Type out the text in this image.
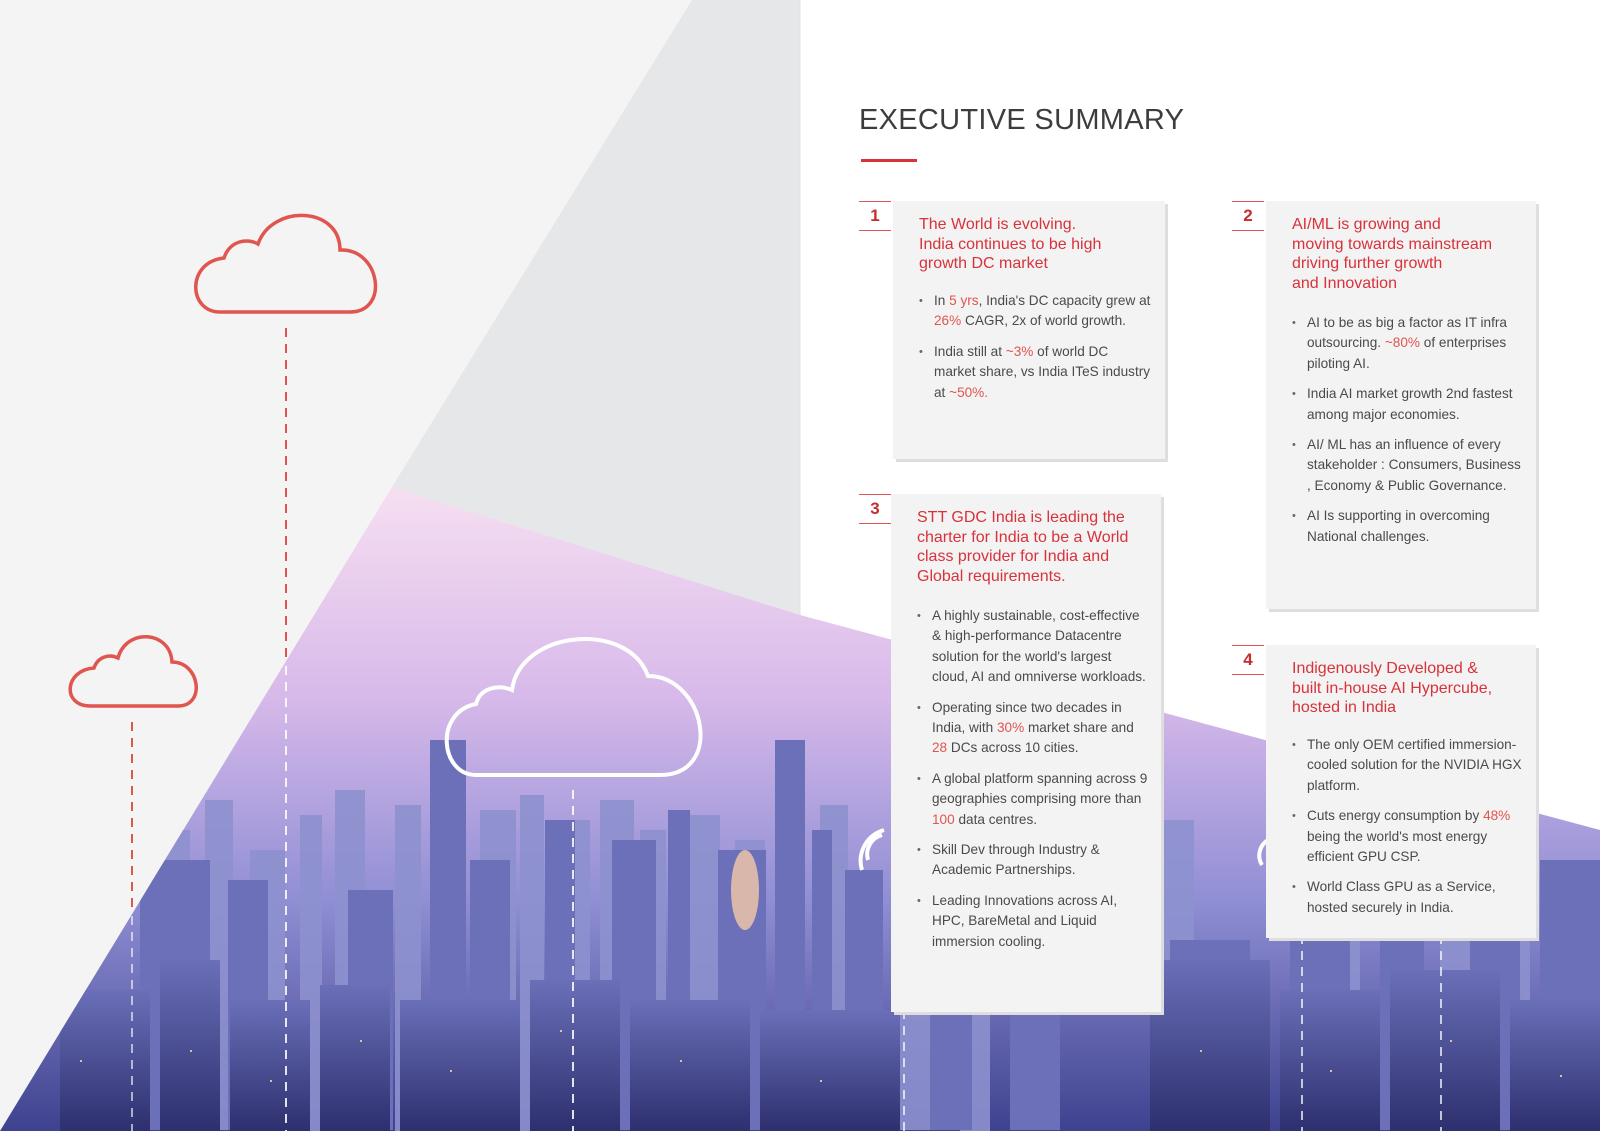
EXECUTIVE SUMMARY
1	The World is evolving.
India continues to be high
growth DC market
• In 5 yrs, India's DC capacity grew at 26% CAGR, 2x of world growth.
• India still at ~3% of world DC market share, vs India ITeS industry at ~50%.
2	AI/ML is growing and
moving towards mainstream
driving further growth
and Innovation
• AI to be as big a factor as IT infra outsourcing. ~80% of enterprises piloting AI.
• India AI market growth 2nd fastest among major economies.
• AI/ ML has an influence of every stakeholder : Consumers, Business , Economy & Public Governance.
• AI Is supporting in overcoming National challenges.
3	STT GDC India is leading the
charter for India to be a World
class provider for India and
Global requirements.
• A highly sustainable, cost-effective & high-performance Datacentre solution for the world's largest cloud, AI and omniverse workloads.
• Operating since two decades in India, with 30% market share and 28 DCs across 10 cities.
• A global platform spanning across 9 geographies comprising more than 100 data centres.
• Skill Dev through Industry & Academic Partnerships.
• Leading Innovations across AI, HPC, BareMetal and Liquid immersion cooling.
4	Indigenously Developed &
built in-house AI Hypercube,
hosted in India
• The only OEM certified immersion-cooled solution for the NVIDIA HGX platform.
• Cuts energy consumption by 48% being the world's most energy efficient GPU CSP.
• World Class GPU as a Service, hosted securely in India.
